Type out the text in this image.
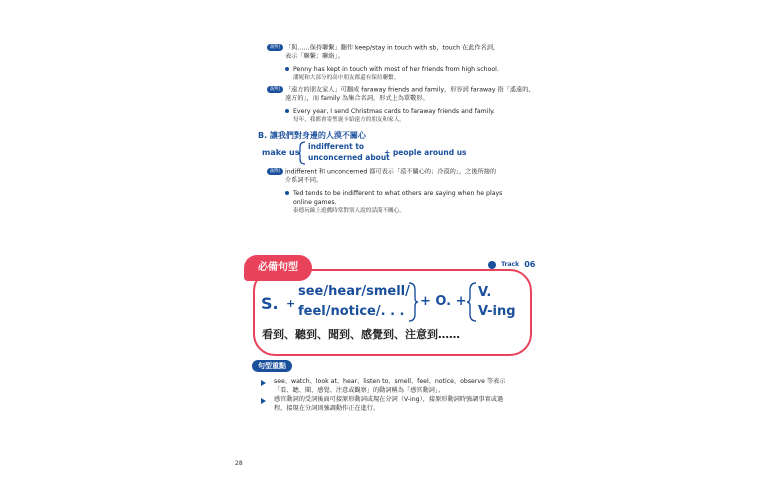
說明 「與……保持聯繫」翻作 keep/stay in touch with sb，touch 在此作名詞，
表示「聯繫；聯絡」。
Penny has kept in touch with most of her friends from high school.
潘妮和大部分的高中朋友都還有保持聯繫。
說明 「遠方的朋友家人」可翻成 faraway friends and family，形容詞 faraway 指「遙遠的、
遠方的」，而 family 為集合名詞，形式上為單數形。
Every year, I send Christmas cards to faraway friends and family.
每年，我都會寄聖誕卡給遠方的朋友和家人。
B. 讓我們對身邊的人漠不關心
make us
indifferent to
unconcerned about
+ people around us
說明 indifferent 和 unconcerned 都可表示「漠不關心的；冷漠的」，之後所接的
介系詞不同。
Ted tends to be indifferent to what others are saying when he plays
online games.
泰德玩線上遊戲時常對別人說的話漠不關心。
Track 06
必備句型
S. +
see/hear/smell/
feel/notice/. . .
+ O. +
V.
V-ing
看到、聽到、聞到、感覺到、注意到……
句型重點
see、watch、look at、hear、listen to、smell、feel、notice、observe 等表示
「看、聽、聞、感覺、注意或觀察」的動詞稱為「感官動詞」。
感官動詞的受詞後面可接原形動詞或現在分詞（V-ing），接原形動詞時強調事實或過
程，接現在分詞則強調動作正在進行。
28
